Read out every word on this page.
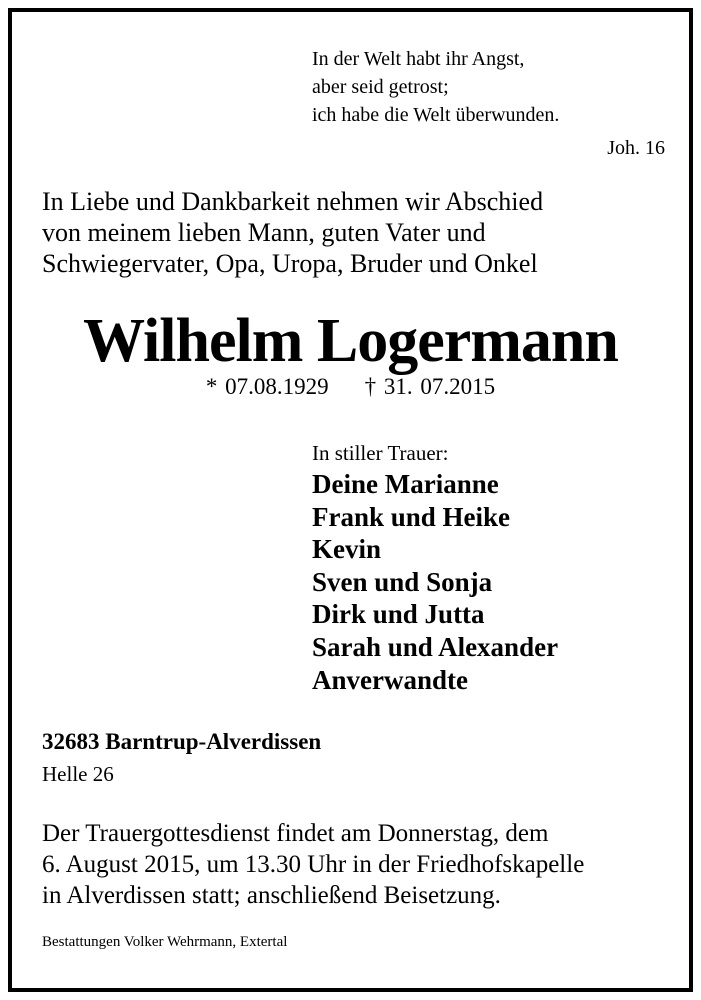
In der Welt habt ihr Angst,
aber seid getrost;
ich habe die Welt überwunden.
Joh. 16
In Liebe und Dankbarkeit nehmen wir Abschied
von meinem lieben Mann, guten Vater und
Schwiegervater, Opa, Uropa, Bruder und Onkel
Wilhelm Logermann
* 07.08.1929 † 31. 07.2015
In stiller Trauer:
Deine Marianne
Frank und Heike
Kevin
Sven und Sonja
Dirk und Jutta
Sarah und Alexander
Anverwandte
32683 Barntrup-Alverdissen
Helle 26
Der Trauergottesdienst findet am Donnerstag, dem
6. August 2015, um 13.30 Uhr in der Friedhofskapelle
in Alverdissen statt; anschließend Beisetzung.
Bestattungen Volker Wehrmann, Extertal
